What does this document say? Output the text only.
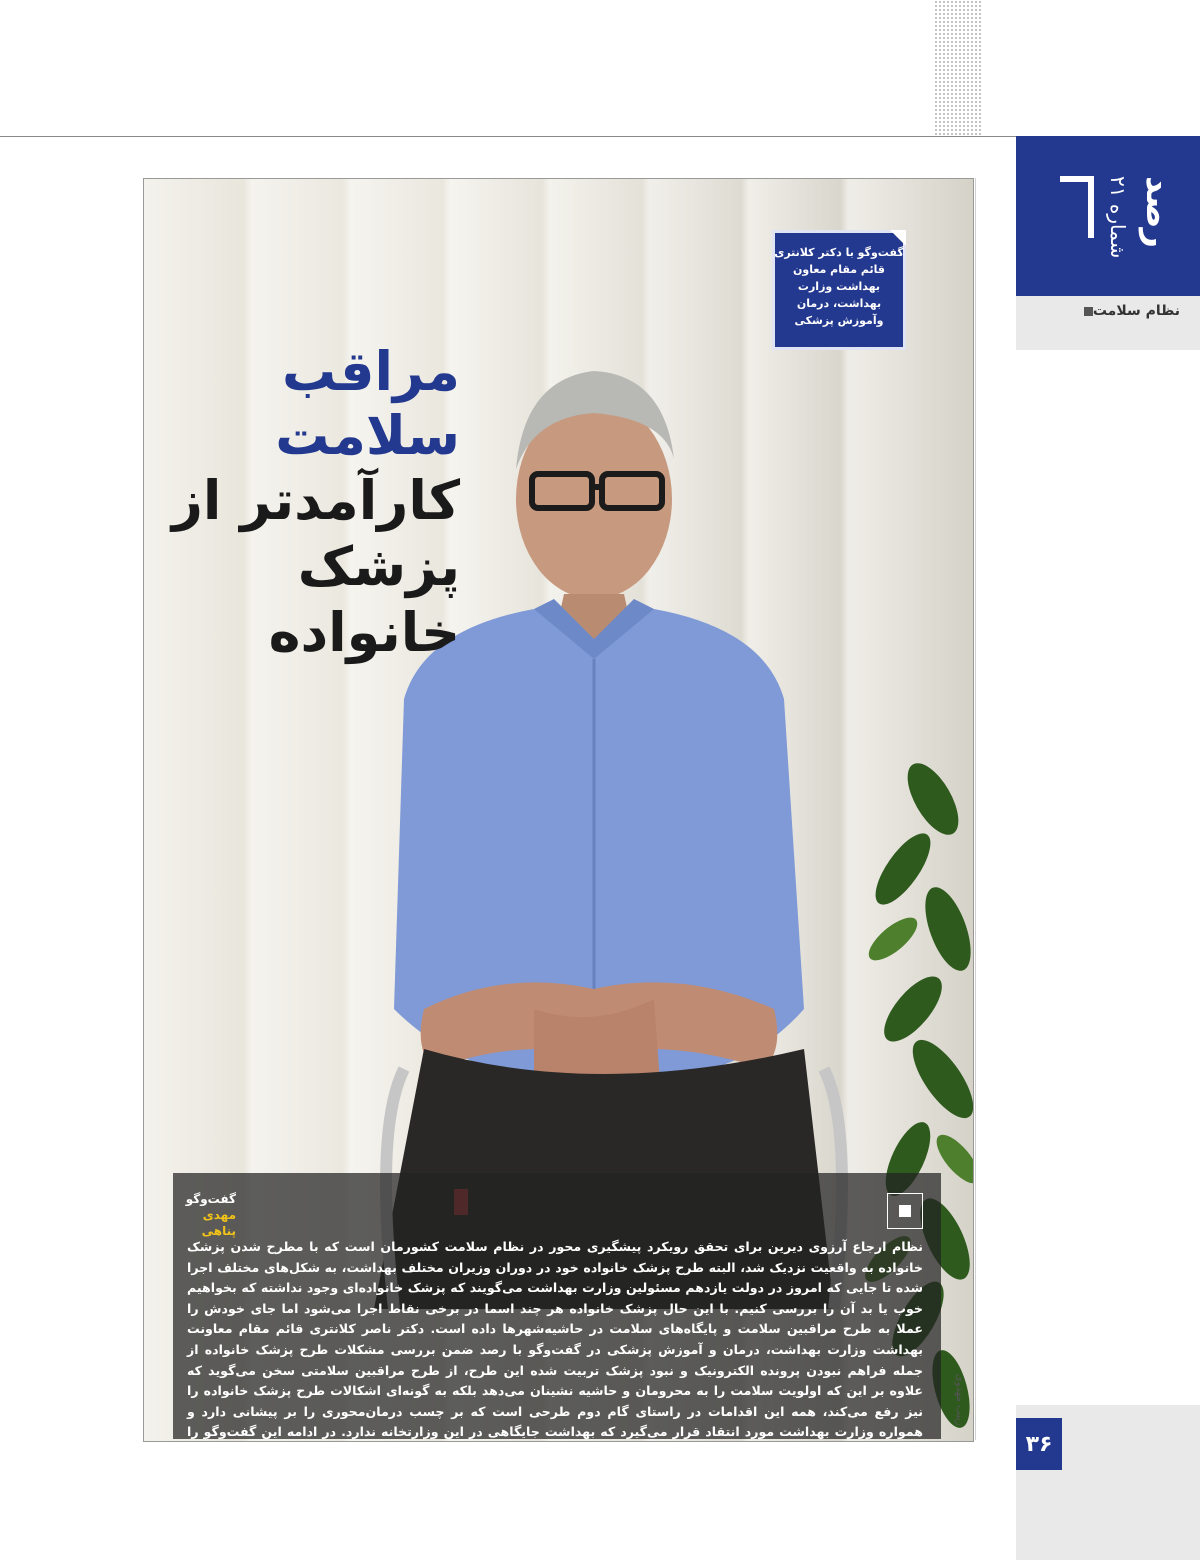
رصد
شماره ۲۱
نظام سلامت
۳۶
گفت‌وگو با دکتر کلانتری
قائم مقام معاون
بهداشت وزارت
بهداشت، درمان
وآموزش پزشکی
مراقب سلامت
کارآمدتر از
پزشک خانواده
گفت‌وگو
مهدی پناهی
نظام ارجاع آرزوی دیرین برای تحقق رویکرد پیشگیری محور در نظام سلامت کشورمان است که با مطرح شدن پزشک خانواده به واقعیت نزدیک شد، البته طرح پزشک خانواده خود در دوران وزیران مختلف بهداشت، به شکل‌های مختلف اجرا شده تا جایی که امروز در دولت یازدهم مسئولین وزارت بهداشت می‌گویند که پزشک خانواده‌ای وجود نداشته که بخواهیم خوب یا بد آن را بررسی کنیم. با این حال پزشک خانواده هر چند اسما در برخی نقاط اجرا می‌شود اما جای خودش را عملا به طرح مراقبین سلامت و پایگاه‌های سلامت در حاشیه‌شهرها داده است. دکتر ناصر کلانتری قائم مقام معاونت بهداشت وزارت بهداشت، درمان و آموزش پزشکی در گفت‌وگو با رصد ضمن بررسی مشکلات طرح پزشک خانواده از جمله فراهم نبودن پرونده الکترونیک و نبود پزشک تربیت شده این طرح، از طرح مراقبین سلامتی سخن می‌گوید که علاوه بر این که اولویت سلامت را به محرومان و حاشیه نشینان می‌دهد بلکه به گونه‌ای اشکالات طرح پزشک خانواده را نیز رفع می‌کند، همه این اقدامات در راستای گام دوم طرحی است که بر چسب درمان‌محوری را بر پیشانی دارد و همواره وزارت بهداشت مورد انتقاد قرار می‌گیرد که بهداشت جایگاهی در این وزارتخانه ندارد. در ادامه این گفت‌وگو را بخوانید.
زینب مهدوی
